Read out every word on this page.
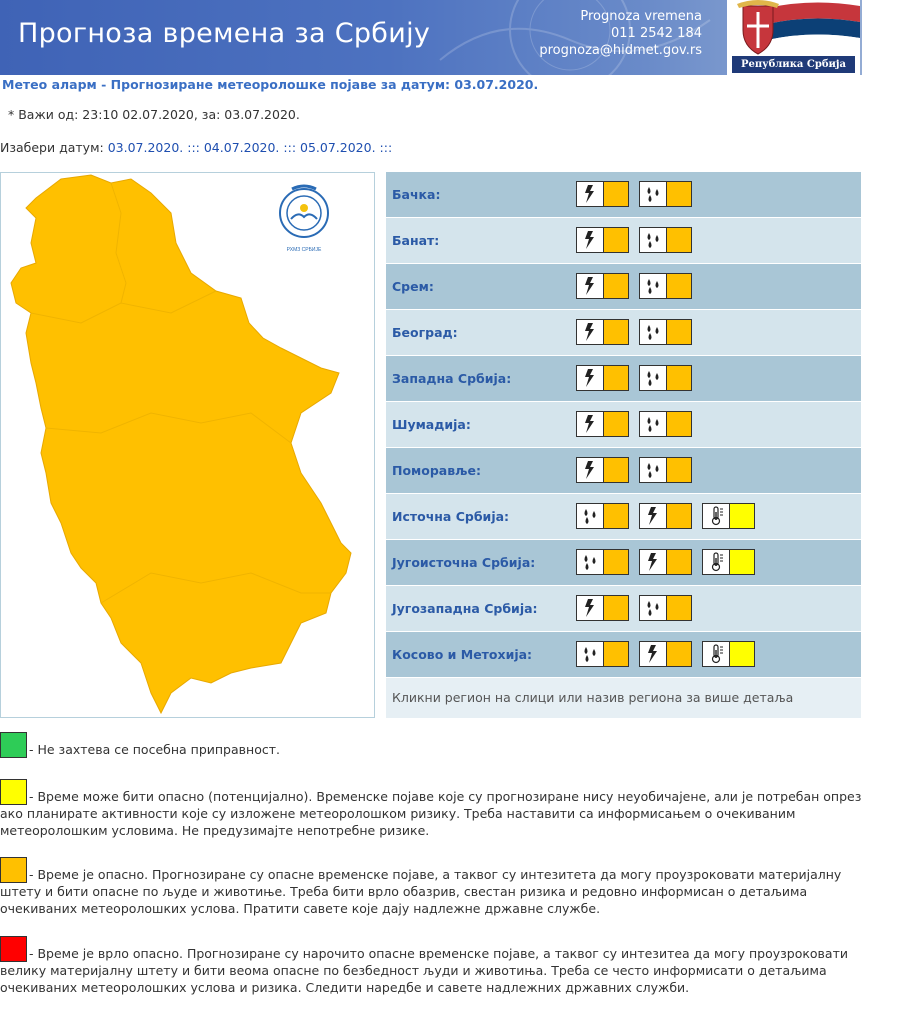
Прогноза времена за Србију
Prognoza vremena
011 2542 184
prognoza@hidmet.gov.rs
Република Србија
Метео аларм - Прогнозиране метеоролошке појаве за датум: 03.07.2020.
* Важи од: 23:10 02.07.2020, за: 03.07.2020.
Изабери датум: 03.07.2020. ::: 04.07.2020. ::: 05.07.2020. :::
РХМЗ СРБИЈЕ
Бачка:
Банат:
Срем:
Београд:
Западна Србија:
Шумадија:
Поморавље:
Источна Србија:
Југоисточна Србија:
Југозападна Србија:
Косово и Метохија:
Кликни регион на слици или назив региона за више детаља
- Не захтева се посебна приправност.
- Време може бити опасно (потенцијално). Временске појаве које су прогнозиране нису неуобичајене, али је потребан опрез ако планирате активности које су изложене метеоролошком ризику. Треба наставити са информисањем о очекиваним метеоролошким условима. Не предузимајте непотребне ризике.
- Време је опасно. Прогнозиране су опасне временске појаве, а таквог су интезитета да могу проузроковати материјалну штету и бити опасне по људе и животиње. Треба бити врло обазрив, свестан ризика и редовно информисан о детаљима очекиваних метеоролошких услова. Пратити савете које дају надлежне државне службе.
- Време је врло опасно. Прогнозиране су нарочито опасне временске појаве, а таквог су интезитеа да могу проузроковати велику материјалну штету и бити веома опасне по безбедност људи и животиња. Треба се често информисати о детаљима очекиваних метеоролошких услова и ризика. Следити наредбе и савете надлежних државних служби.
